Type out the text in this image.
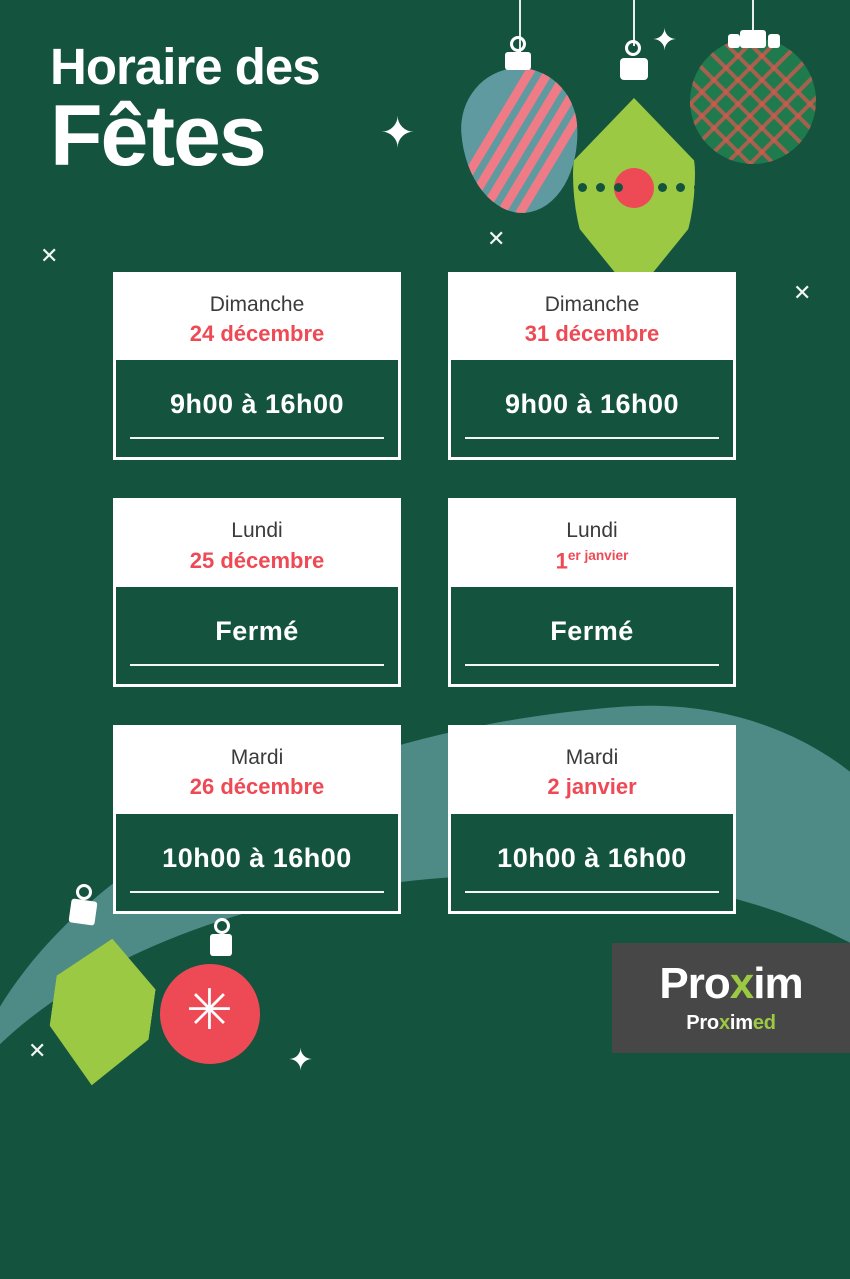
✦
✦
✕
✕
✕
✕	✦
✳
Horaire des
Fêtes
Dimanche
24 décembre
9h00 à 16h00
Dimanche
31 décembre
9h00 à 16h00
Lundi
25 décembre
Fermé
Lundi
$1^{er janvier}$
Fermé
Mardi
26 décembre
10h00 à 16h00
Mardi
2 janvier
10h00 à 16h00
Proxim
Proximed
